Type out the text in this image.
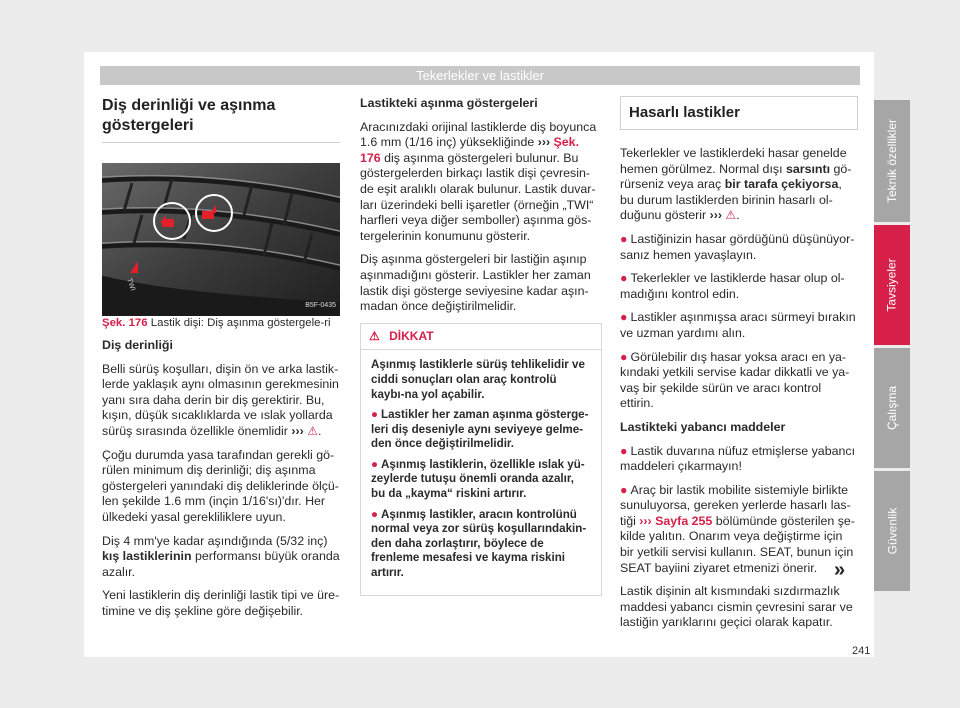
Tekerlekler ve lastikler
Diş derinliği ve aşınma göstergeleri
TWI
B5F-0435

Şek. 176 Lastik dişi: Diş aşınma göstergele-ri

Diş derinliği

Belli sürüş koşulları, dişin ön ve arka lastik-lerde yaklaşık aynı olmasının gerekmesinin yanı sıra daha derin bir diş gerektirir. Bu, kışın, düşük sıcaklıklarda ve ıslak yollarda sürüş sırasında özellikle önemlidir ››› ⚠.

Çoğu durumda yasa tarafından gerekli gö-rülen minimum diş derinliği; diş aşınma göstergeleri yanındaki diş deliklerinde ölçü-len şekilde 1.6 mm (inçin 1/16'sı)'dır. Her ülkedeki yasal gerekliliklere uyun.

Diş 4 mm'ye kadar aşındığında (5/32 inç) kış lastiklerinin performansı büyük oranda azalır.

Yeni lastiklerin diş derinliği lastik tipi ve üre-timine ve diş şekline göre değişebilir.

Lastikteki aşınma göstergeleri

Aracınızdaki orijinal lastiklerde diş boyunca 1.6 mm (1/16 inç) yüksekliğinde ››› Şek. 176 diş aşınma göstergeleri bulunur. Bu göstergelerden birkaçı lastik dişi çevresin-de eşit aralıklı olarak bulunur. Lastik duvar-ları üzerindeki belli işaretler (örneğin „TWI“ harfleri veya diğer semboller) aşınma gös-tergelerinin konumunu gösterir.

Diş aşınma göstergeleri bir lastiğin aşınıp aşınmadığını gösterir. Lastikler her zaman lastik dişi gösterge seviyesine kadar aşın-madan önce değiştirilmelidir.

⚠ DİKKAT

Aşınmış lastiklerle sürüş tehlikelidir ve ciddi sonuçları olan araç kontrolü kaybı-na yol açabilir.

● Lastikler her zaman aşınma gösterge-leri diş deseniyle aynı seviyeye gelme-den önce değiştirilmelidir.

● Aşınmış lastiklerin, özellikle ıslak yü-zeylerde tutuşu önemli oranda azalır, bu da „kayma“ riskini artırır.

● Aşınmış lastikler, aracın kontrolünü normal veya zor sürüş koşullarındakin-den daha zorlaştırır, böylece de frenleme mesafesi ve kayma riskini artırır.

Hasarlı lastikler

Tekerlekler ve lastiklerdeki hasar genelde hemen görülmez. Normal dışı sarsıntı gö-rürseniz veya araç bir tarafa çekiyorsa, bu durum lastiklerden birinin hasarlı ol-duğunu gösterir ››› ⚠.

● Lastiğinizin hasar gördüğünü düşünüyor-sanız hemen yavaşlayın.

● Tekerlekler ve lastiklerde hasar olup ol-madığını kontrol edin.

● Lastikler aşınmışsa aracı sürmeyi bırakın ve uzman yardımı alın.

● Görülebilir dış hasar yoksa aracı en ya-kındaki yetkili servise kadar dikkatli ve ya-vaş bir şekilde sürün ve aracı kontrol ettirin.

Lastikteki yabancı maddeler

● Lastik duvarına nüfuz etmişlerse yabancı maddeleri çıkarmayın!

● Araç bir lastik mobilite sistemiyle birlikte sunuluyorsa, gereken yerlerde hasarlı las-tiği ››› Sayfa 255 bölümünde gösterilen şe-kilde yalıtın. Onarım veya değiştirme için bir yetkili servisi kullanın. SEAT, bunun için SEAT bayiini ziyaret etmenizi önerir.

Lastik dişinin alt kısmındaki sızdırmazlık maddesi yabancı cismin çevresini sarar ve lastiğin yarıklarını geçici olarak kapatır.

»
Teknik özellikler
Tavsiyeler
Çalışma
Güvenlik
241
